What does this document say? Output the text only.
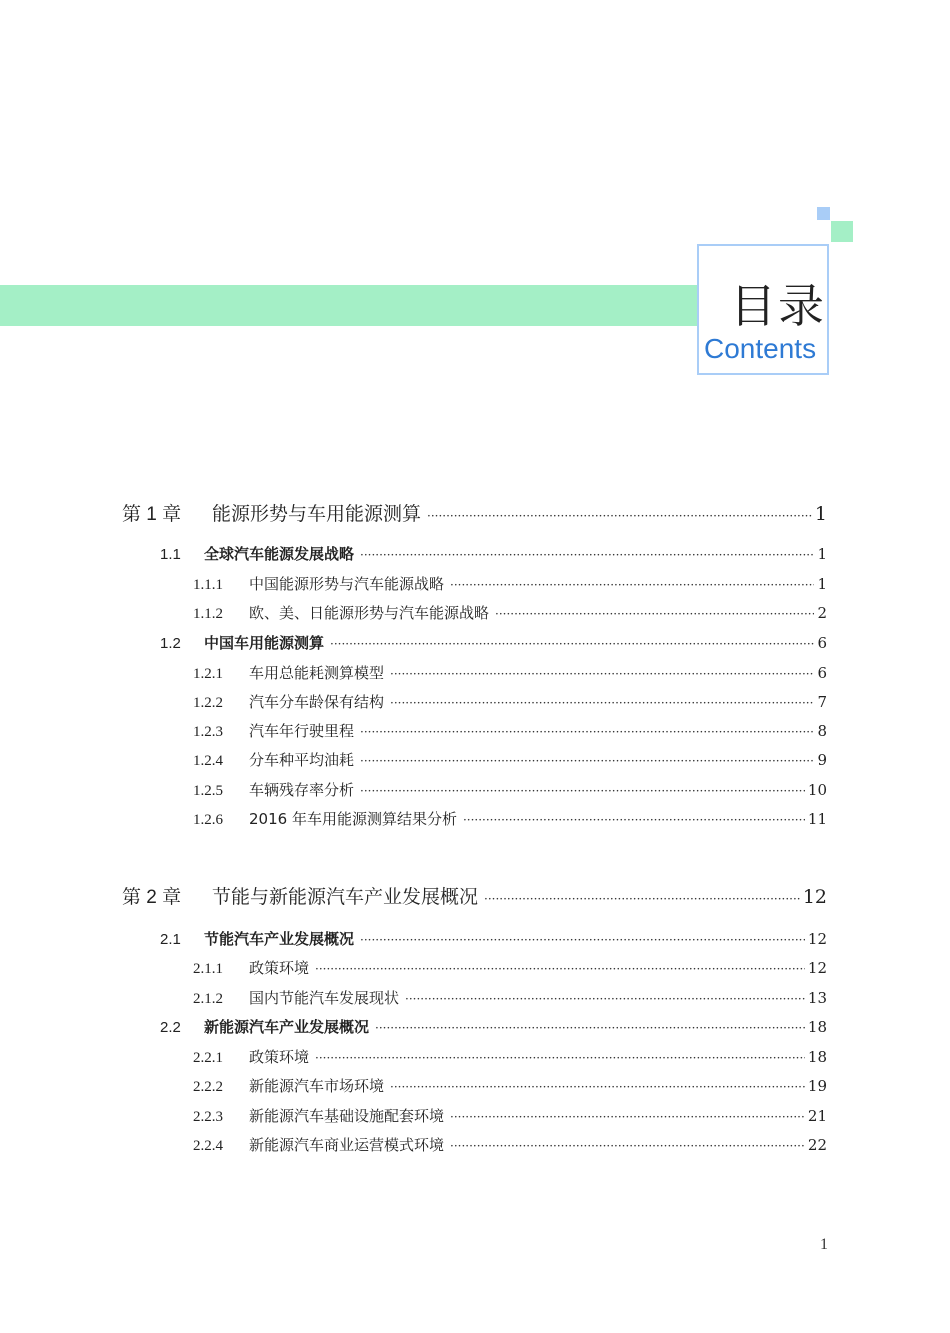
目录
Contents
第 1 章	能源形势与车用能源测算 ·····	1
1.1	全球汽车能源发展战略 ·····	1
1.1.1	中国能源形势与汽车能源战略 ·····	1
1.1.2	欧、美、日能源形势与汽车能源战略 ·····	2
1.2	中国车用能源测算 ·····	6
1.2.1	车用总能耗测算模型 ·····	6
1.2.2	汽车分车龄保有结构 ·····	7
1.2.3	汽车年行驶里程 ·····	8
1.2.4	分车种平均油耗 ·····	9
1.2.5	车辆残存率分析 ·····	10
1.2.6	2016 年车用能源测算结果分析 ·····	11
第 2 章	节能与新能源汽车产业发展概况 ·····	12
2.1	节能汽车产业发展概况 ·····	12
2.1.1	政策环境 ·····	12
2.1.2	国内节能汽车发展现状 ·····	13
2.2	新能源汽车产业发展概况 ·····	18
2.2.1	政策环境 ·····	18
2.2.2	新能源汽车市场环境 ·····	19
2.2.3	新能源汽车基础设施配套环境 ·····	21
2.2.4	新能源汽车商业运营模式环境 ·····	22
1
